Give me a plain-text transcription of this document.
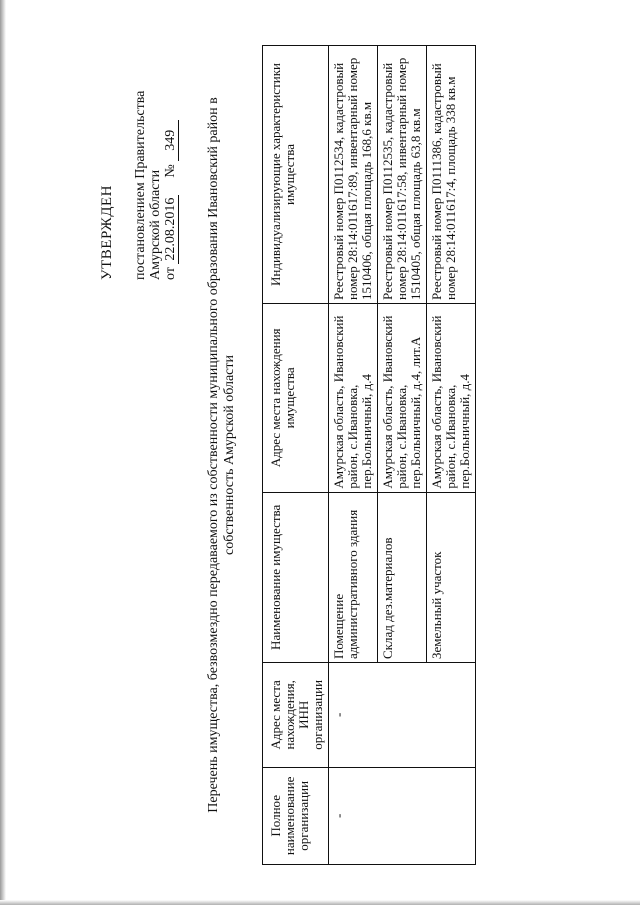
УТВЕРЖДЕН постановлением Правительства Амурской области от 22.08.2016  № 349 Перечень имущества, безвозмездно передаваемого из собственности муниципального образования Ивановский район в собственность Амурской области
Полное наименование организации	Адрес места нахождения, ИНН организации	Наименование имущества	Адрес места нахождения имущества	Индивидуализирующие характеристики имущества
-	-	Помещение административного здания	Амурская область, Ивановский район, с.Ивановка, пер.Больничный, д.4	Реестровый номер П0112534, кадастровый номер 28:14:011617:89, инвентарный номер 1510406, общая площадь 168,6 кв.м
		Склад дез.материалов	Амурская область, Ивановский район, с.Ивановка, пер.Больничный, д.4, лит.А	Реестровый номер П0112535, кадастровый номер 28:14:011617:58, инвентарный номер 1510405, общая площадь 63,8 кв.м
		Земельный участок	Амурская область, Ивановский район, с.Ивановка, пер.Больничный, д.4	Реестровый номер П0111386, кадастровый номер 28:14:011617:4, площадь 338 кв.м
